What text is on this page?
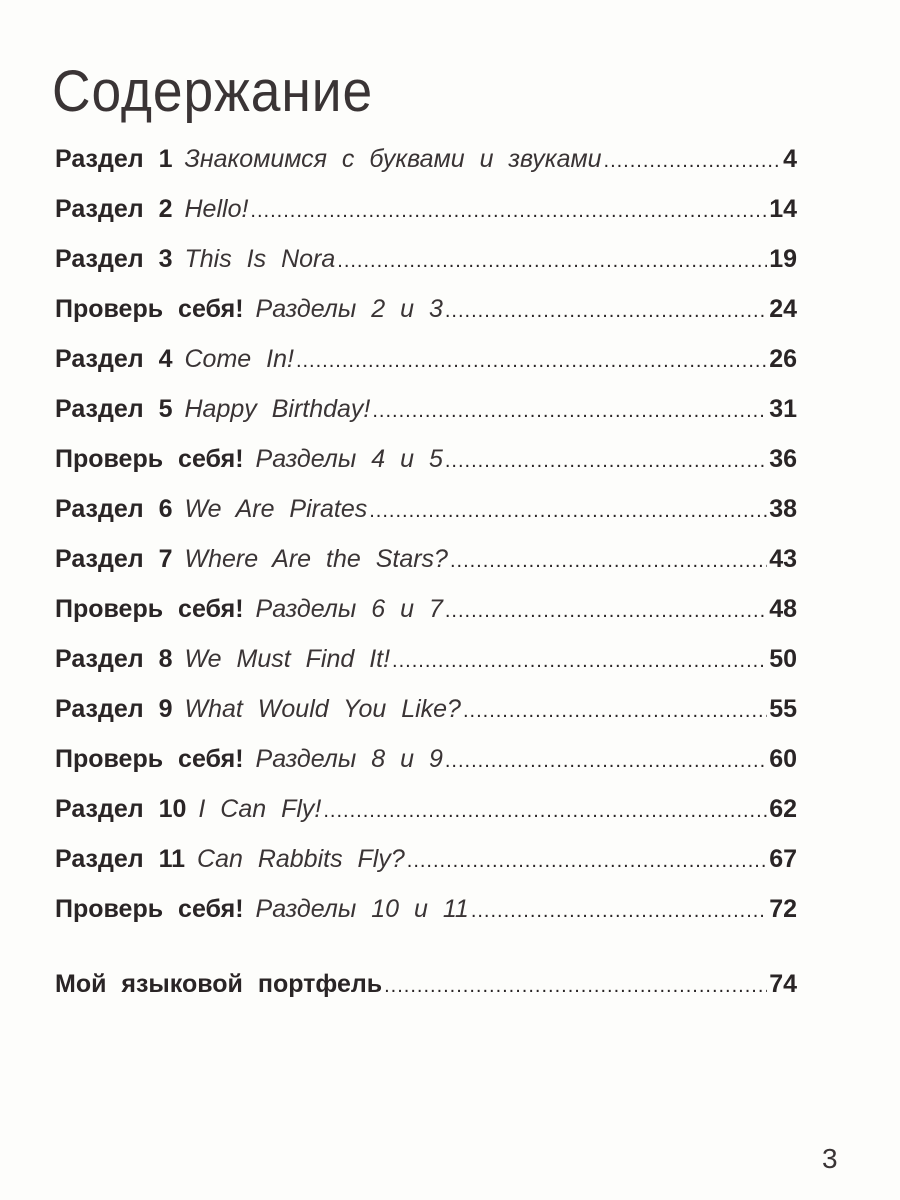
Содержание
Раздел 1 Знакомимся с буквами и звуками .....	4
Раздел 2 Hello! .....	14
Раздел 3 This Is Nora .....	19
Проверь себя! Разделы 2 и 3 .....	24
Раздел 4 Come In! .....	26
Раздел 5 Happy Birthday! .....	31
Проверь себя! Разделы 4 и 5 .....	36
Раздел 6 We Are Pirates .....	38
Раздел 7 Where Are the Stars? .....	43
Проверь себя! Разделы 6 и 7 .....	48
Раздел 8 We Must Find It! .....	50
Раздел 9 What Would You Like? .....	55
Проверь себя! Разделы 8 и 9 .....	60
Раздел 10 I Can Fly! .....	62
Раздел 11 Can Rabbits Fly? .....	67
Проверь себя! Разделы 10 и 11 .....	72
Мой языковой портфель .....	74
3
